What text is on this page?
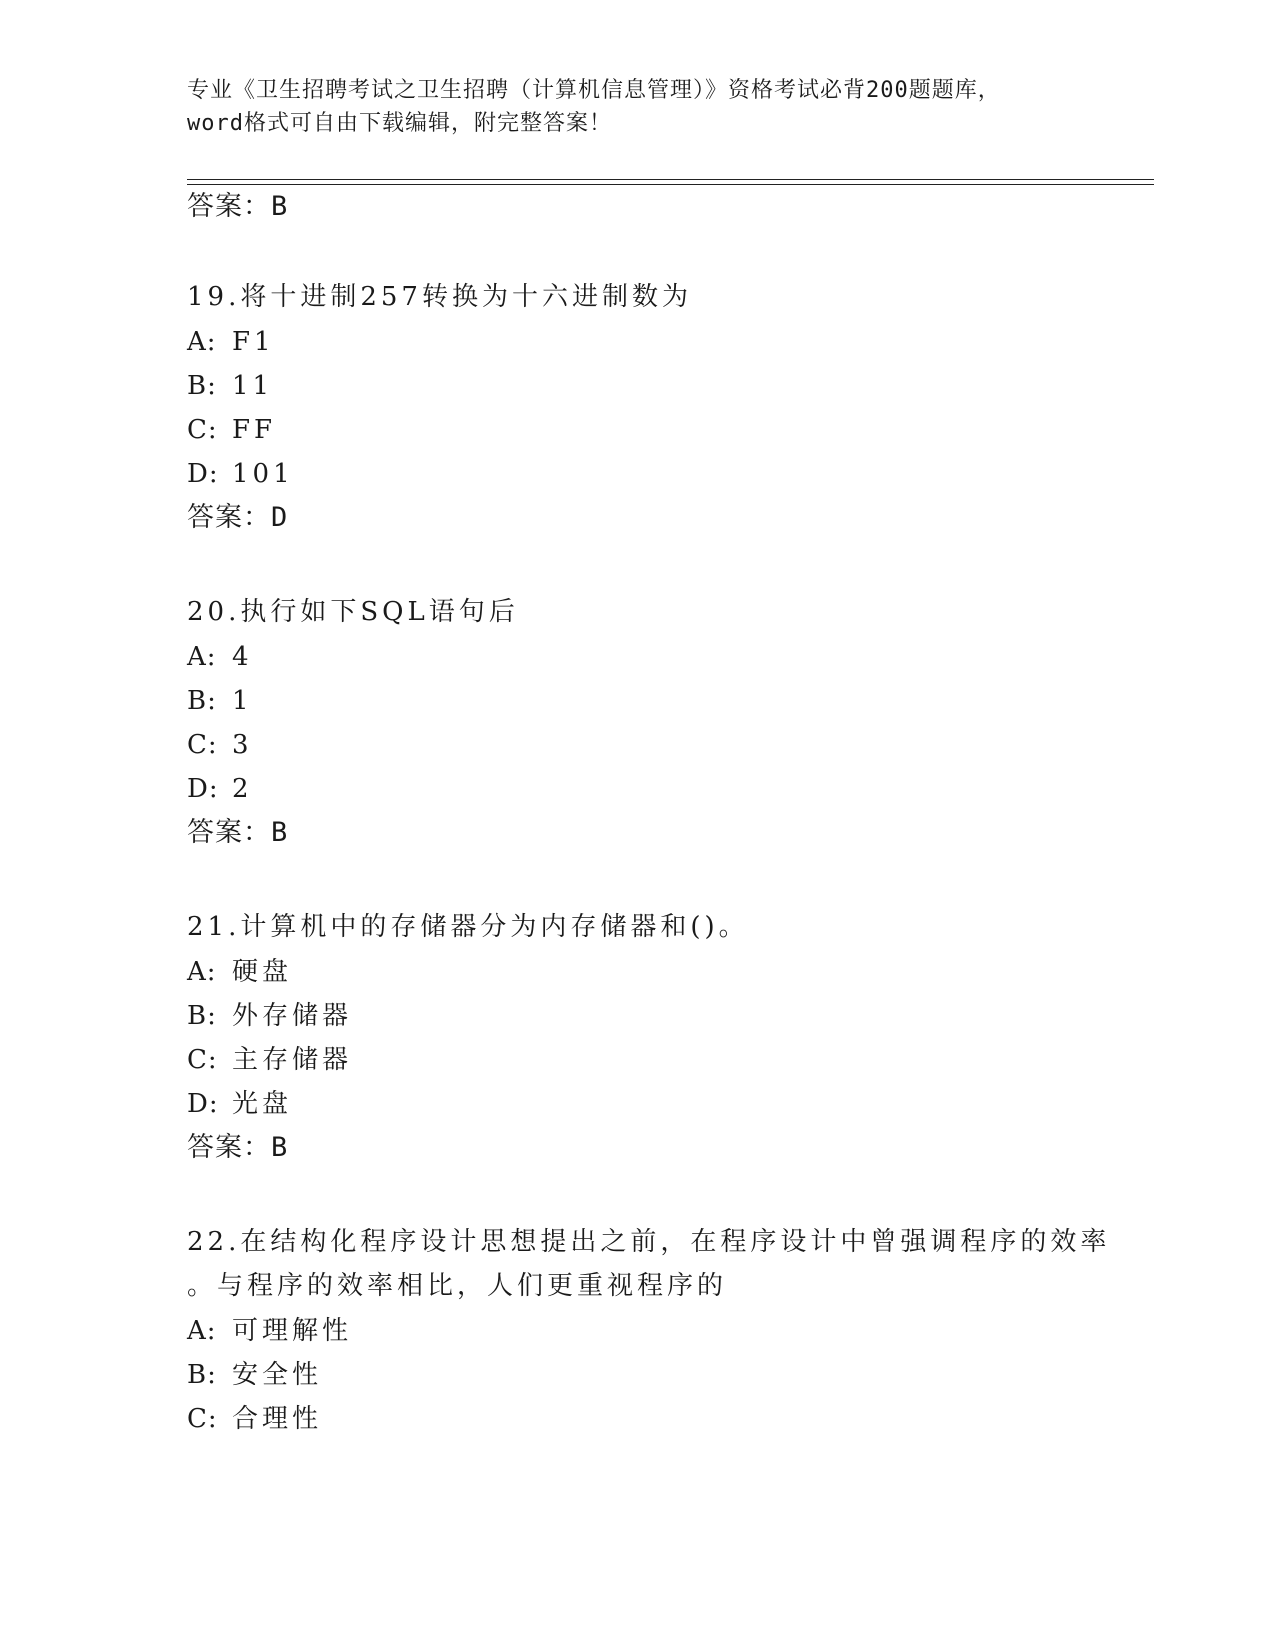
专业《卫生招聘考试之卫生招聘（计算机信息管理）》资格考试必背200题题库，
word格式可自由下载编辑，附完整答案！
答案：B
19.将十进制257转换为十六进制数为
A: F1
B: 11
C: FF
D: 101
答案：D
20.执行如下SQL语句后
A: 4
B: 1
C: 3
D: 2
答案：B
21.计算机中的存储器分为内存储器和()。
A: 硬盘
B: 外存储器
C: 主存储器
D: 光盘
答案：B
22.在结构化程序设计思想提出之前，在程序设计中曾强调程序的效率
。与程序的效率相比，人们更重视程序的
A: 可理解性
B: 安全性
C: 合理性
